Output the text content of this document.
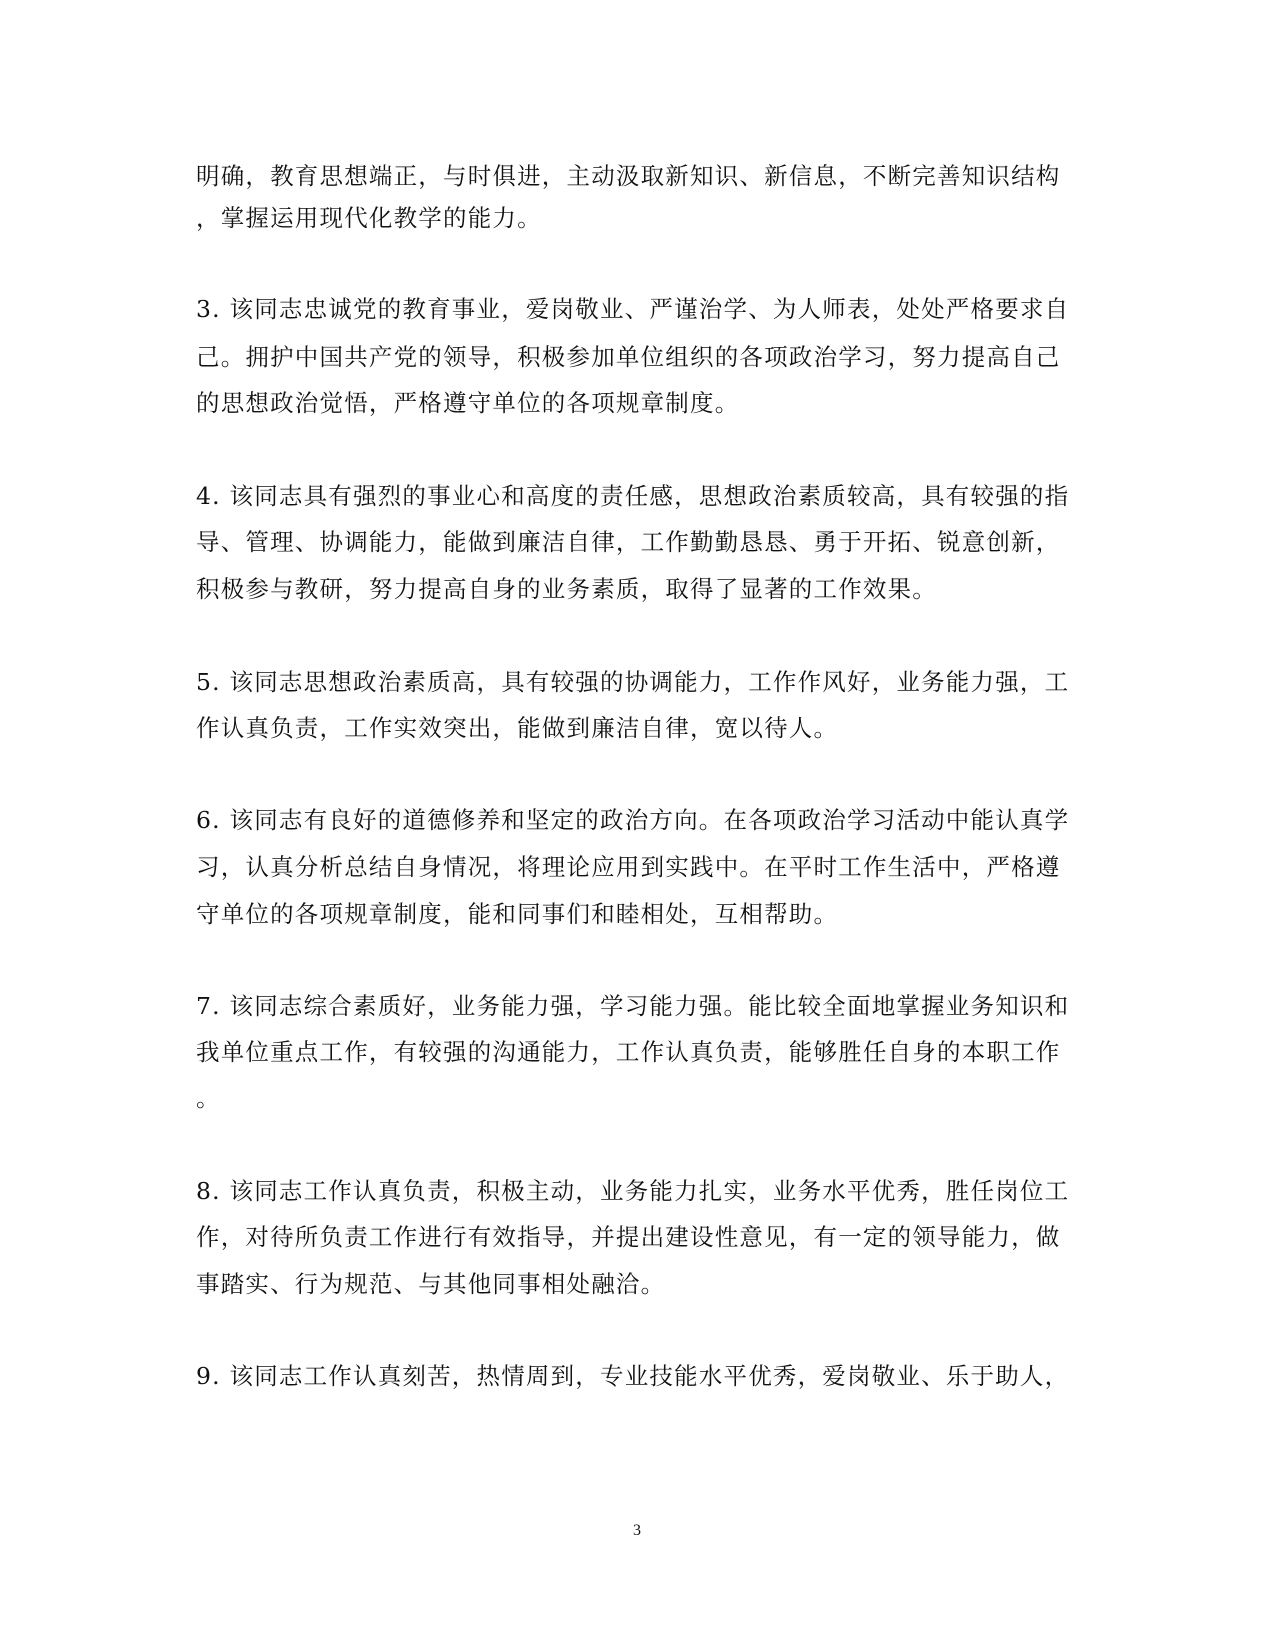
明确，教育思想端正，与时俱进，主动汲取新知识、新信息，不断完善知识结构
，掌握运用现代化教学的能力。
3. 该同志忠诚党的教育事业，爱岗敬业、严谨治学、为人师表，处处严格要求自
己。拥护中国共产党的领导，积极参加单位组织的各项政治学习，努力提高自己
的思想政治觉悟，严格遵守单位的各项规章制度。
4. 该同志具有强烈的事业心和高度的责任感，思想政治素质较高，具有较强的指
导、管理、协调能力，能做到廉洁自律，工作勤勤恳恳、勇于开拓、锐意创新，
积极参与教研，努力提高自身的业务素质，取得了显著的工作效果。
5. 该同志思想政治素质高，具有较强的协调能力，工作作风好，业务能力强，工
作认真负责，工作实效突出，能做到廉洁自律，宽以待人。
6. 该同志有良好的道德修养和坚定的政治方向。在各项政治学习活动中能认真学
习，认真分析总结自身情况，将理论应用到实践中。在平时工作生活中，严格遵
守单位的各项规章制度，能和同事们和睦相处，互相帮助。
7. 该同志综合素质好，业务能力强，学习能力强。能比较全面地掌握业务知识和
我单位重点工作，有较强的沟通能力，工作认真负责，能够胜任自身的本职工作
。
8. 该同志工作认真负责，积极主动，业务能力扎实，业务水平优秀，胜任岗位工
作，对待所负责工作进行有效指导，并提出建设性意见，有一定的领导能力，做
事踏实、行为规范、与其他同事相处融洽。
9. 该同志工作认真刻苦，热情周到，专业技能水平优秀，爱岗敬业、乐于助人，
3
